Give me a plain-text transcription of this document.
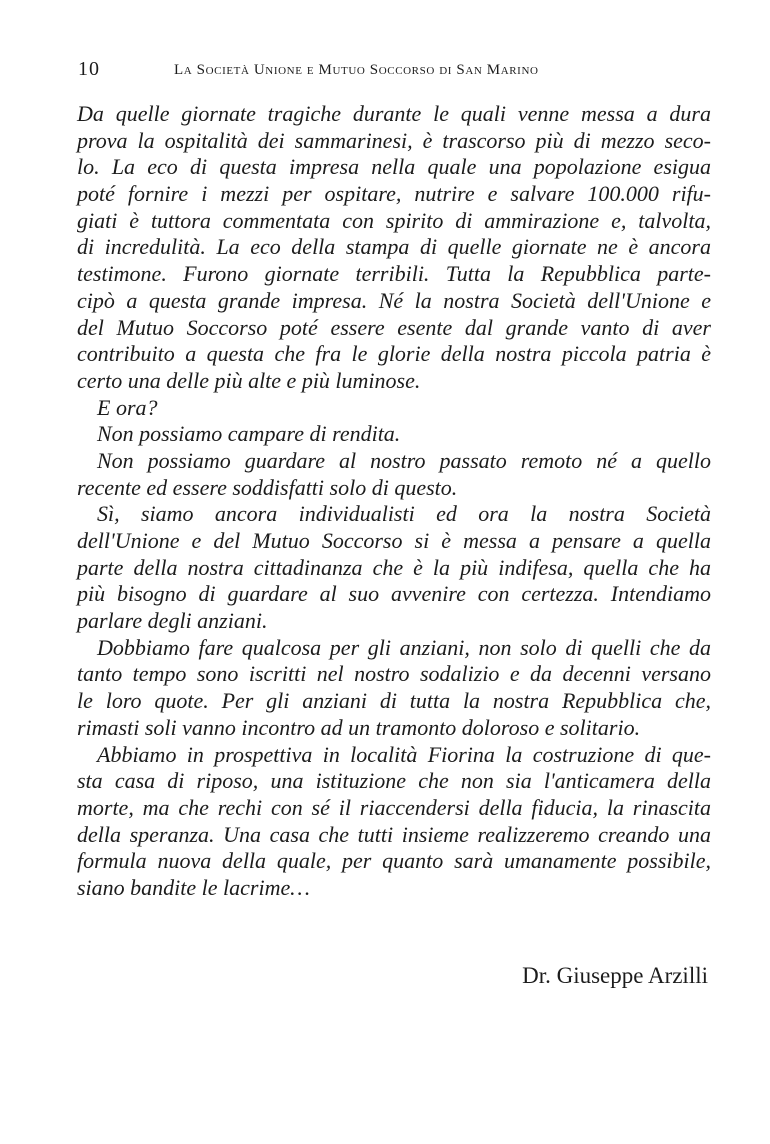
10	La Società Unione e Mutuo Soccorso di San Marino
Da quelle giornate tragiche durante le quali venne messa a dura
prova la ospitalità dei sammarinesi, è trascorso più di mezzo seco-
lo. La eco di questa impresa nella quale una popolazione esigua
poté fornire i mezzi per ospitare, nutrire e salvare 100.000 rifu-
giati è tuttora commentata con spirito di ammirazione e, talvolta,
di incredulità. La eco della stampa di quelle giornate ne è ancora
testimone. Furono giornate terribili. Tutta la Repubblica parte-
cipò a questa grande impresa. Né la nostra Società dell'Unione e
del Mutuo Soccorso poté essere esente dal grande vanto di aver
contribuito a questa che fra le glorie della nostra piccola patria è
certo una delle più alte e più luminose.
E ora?
Non possiamo campare di rendita.
Non possiamo guardare al nostro passato remoto né a quello
recente ed essere soddisfatti solo di questo.
Sì, siamo ancora individualisti ed ora la nostra Società
dell'Unione e del Mutuo Soccorso si è messa a pensare a quella
parte della nostra cittadinanza che è la più indifesa, quella che ha
più bisogno di guardare al suo avvenire con certezza. Intendiamo
parlare degli anziani.
Dobbiamo fare qualcosa per gli anziani, non solo di quelli che da
tanto tempo sono iscritti nel nostro sodalizio e da decenni versano
le loro quote. Per gli anziani di tutta la nostra Repubblica che,
rimasti soli vanno incontro ad un tramonto doloroso e solitario.
Abbiamo in prospettiva in località Fiorina la costruzione di que-
sta casa di riposo, una istituzione che non sia l'anticamera della
morte, ma che rechi con sé il riaccendersi della fiducia, la rinascita
della speranza. Una casa che tutti insieme realizzeremo creando una
formula nuova della quale, per quanto sarà umanamente possibile,
siano bandite le lacrime…
Dr. Giuseppe Arzilli
